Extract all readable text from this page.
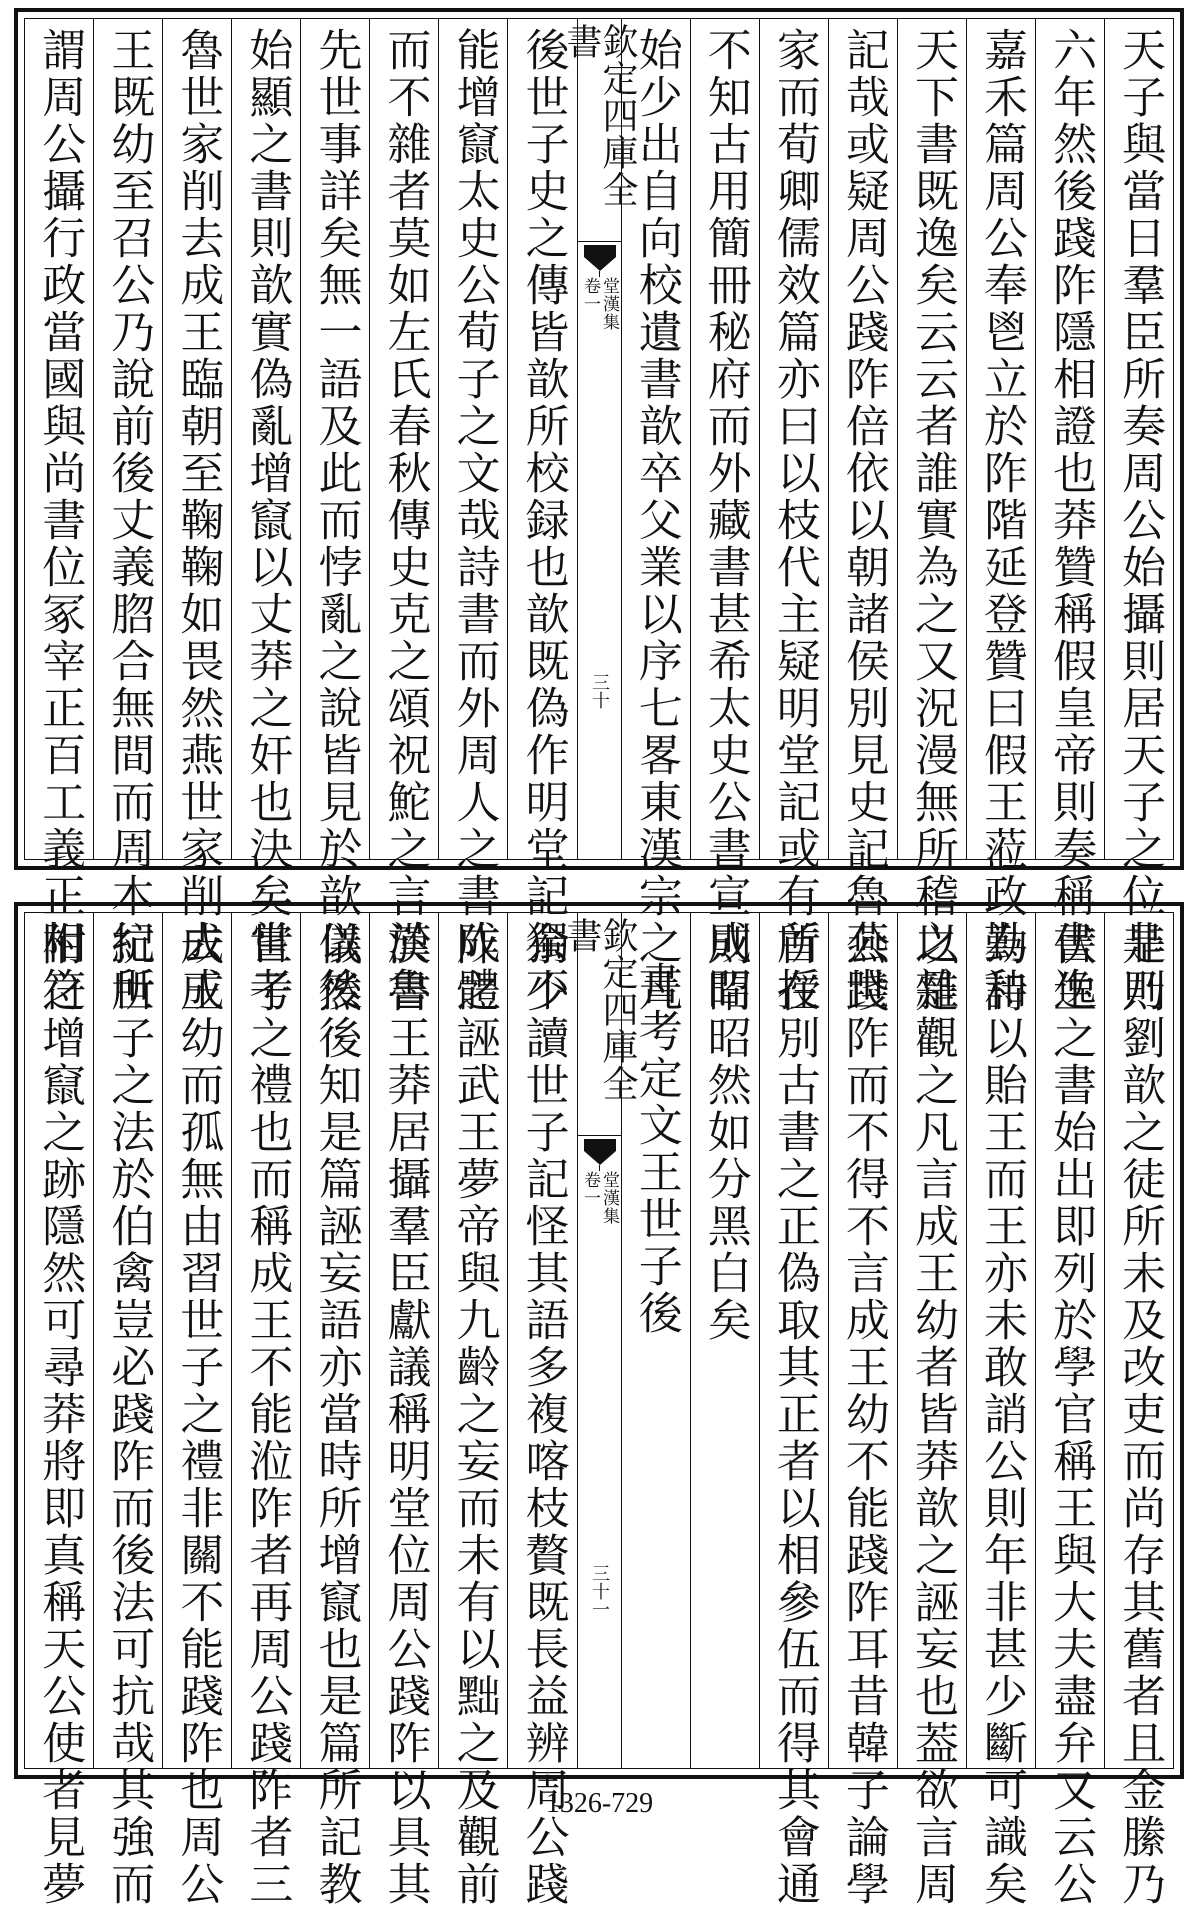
天子與當日羣臣所奏周公始攝則居天子之位非乃
六年然後踐阼隱相證也莽贊稱假皇帝則奏稱書逸
嘉禾篇周公奉鬯立於阼階延登贊曰假王蒞政勤和
天下書既逸矣云云者誰實為之又況漫無所稽之雜
記哉或疑周公踐阼倍依以朝諸侯別見史記魯燕世
家而荀卿儒效篇亦曰以枝代主疑明堂記或有所授
不知古用簡冊秘府而外藏書甚希太史公書宣成間
始少出自向校遺書歆卒父業以序七畧東漢宗之凡
欽定四庫全書
卷一 堂漢集
三十
後世子史之傳皆歆所校録也歆既偽作明堂記獨不
能增竄太史公荀子之文哉詩書而外周人之書成體
而不雜者莫如左氏春秋傳史克之頌祝鮀之言於魯
先世事詳矣無一語及此而悖亂之說皆見於歆以後
始顯之書則歆實偽亂增竄以丈莽之奸也決矣嘗考
魯世家削去成王臨朝至鞠鞠如畏然燕世家削去成
王既幼至召公乃說前後丈義脗合無間而周本紀所
謂周公攝行政當國與尚書位冢宰正百工義正相符
是則劉歆之徒所未及改吏而尚存其舊者且金縢乃
伏生之書始出即列於學官稱王與大夫盡弁又云公
為詩以貽王而王亦未敢誚公則年非甚少斷可識矣
以是觀之凡言成王幼者皆莽歆之誣妄也葢欲言周
公踐阼而不得不言成王幼不能踐阼耳昔韓子論學
首在別古書之正偽取其正者以相參伍而得其會通
則昭昭然如分黑白矣
書考定文王世子後
欽定四庫全書
卷一 堂漢集
三十一
余少讀世子記怪其語多複喀枝贅既長益辨周公踐
阼之誣武王夢帝與九齡之妄而未有以黜之及觀前
漢書王莽居攝羣臣獻議稱明堂位周公踐阼以具其
儀然後知是篇誣妄語亦當時所增竄也是篇所記教
世子之禮也而稱成王不能涖阼者再周公踐阼者三
成王幼而孤無由習世子之禮非關不能踐阼也周公
抗世子之法於伯禽豈必踐阼而後法可抗哉其強而
附之增竄之跡隱然可尋莽將即真稱天公使者見夢	1326-729
